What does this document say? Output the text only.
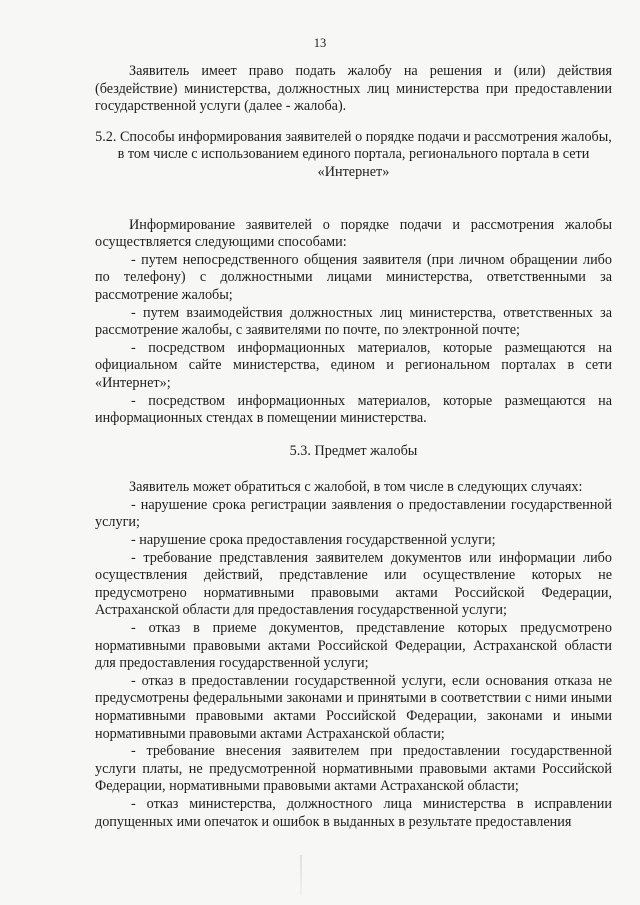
13

Заявитель имеет право подать жалобу на решения и (или) действия (бездействие) министерства, должностных лиц министерства при предоставлении государственной услуги (далее - жалоба).

5.2. Способы информирования заявителей о порядке подачи и рассмотрения жалобы, в том числе с использованием единого портала, регионального портала в сети «Интернет»

Информирование заявителей о порядке подачи и рассмотрения жалобы осуществляется следующими способами:

- путем непосредственного общения заявителя (при личном обращении либо по телефону) с должностными лицами министерства, ответственными за рассмотрение жалобы;

- путем взаимодействия должностных лиц министерства, ответственных за рассмотрение жалобы, с заявителями по почте, по электронной почте;

- посредством информационных материалов, которые размещаются на официальном сайте министерства, едином и региональном порталах в сети «Интернет»;

- посредством информационных материалов, которые размещаются на информационных стендах в помещении министерства.

5.3. Предмет жалобы

Заявитель может обратиться с жалобой, в том числе в следующих случаях:

- нарушение срока регистрации заявления о предоставлении государственной услуги;

- нарушение срока предоставления государственной услуги;

- требование представления заявителем документов или информации либо осуществления действий, представление или осуществление которых не предусмотрено нормативными правовыми актами Российской Федерации, Астраханской области для предоставления государственной услуги;

- отказ в приеме документов, представление которых предусмотрено нормативными правовыми актами Российской Федерации, Астраханской области для предоставления государственной услуги;

- отказ в предоставлении государственной услуги, если основания отказа не предусмотрены федеральными законами и принятыми в соответствии с ними иными нормативными правовыми актами Российской Федерации, законами и иными нормативными правовыми актами Астраханской области;

- требование внесения заявителем при предоставлении государственной услуги платы, не предусмотренной нормативными правовыми актами Российской Федерации, нормативными правовыми актами Астраханской области;

- отказ министерства, должностного лица министерства в исправлении допущенных ими опечаток и ошибок в выданных в результате предоставления
